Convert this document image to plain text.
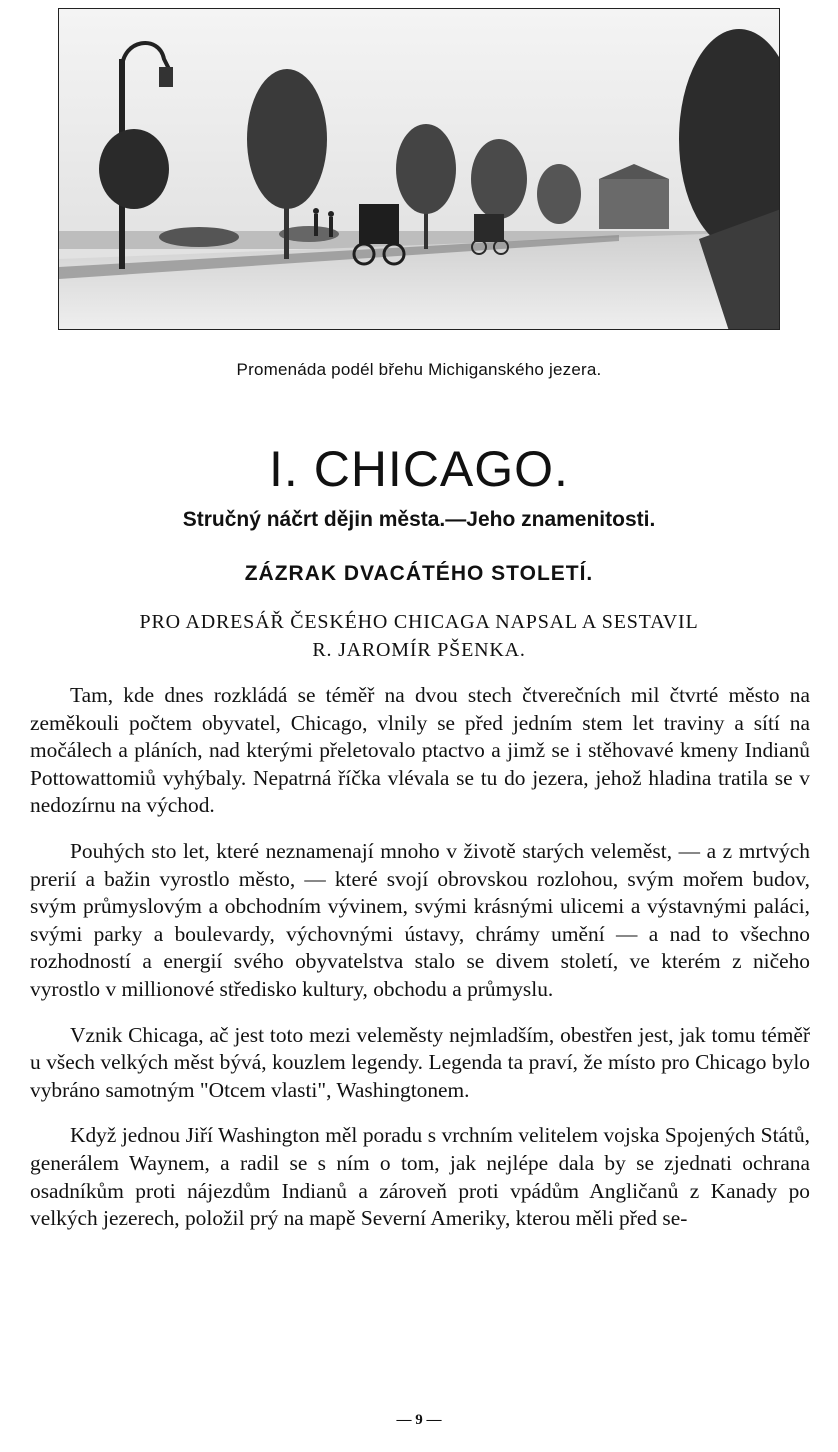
Promenáda podél břehu Michiganského jezera.
I. CHICAGO.
Stručný náčrt dějin města.—Jeho znamenitosti.
ZÁZRAK DVACÁTÉHO STOLETÍ.
PRO ADRESÁŘ ČESKÉHO CHICAGA NAPSAL A SESTAVIL
R. JAROMÍR PŠENKA.

Tam, kde dnes rozkládá se téměř na dvou stech čtverečních mil čtvrté město na zeměkouli počtem obyvatel, Chicago, vlnily se před jedním stem let traviny a sítí na močálech a pláních, nad kterými přeletovalo ptactvo a jimž se i stěhovavé kmeny Indianů Pottowattomiů vyhýbaly. Nepatrná říčka vlévala se tu do jezera, jehož hladina tratila se v nedozírnu na východ.

Pouhých sto let, které neznamenají mnoho v životě starých veleměst, — a z mrtvých prerií a bažin vyrostlo město, — které svojí obrovskou rozlohou, svým mořem budov, svým průmyslovým a obchodním vývinem, svými krásnými ulicemi a výstavnými paláci, svými parky a boulevardy, výchovnými ústavy, chrámy umění — a nad to všechno rozhodností a energií svého obyvatelstva stalo se divem století, ve kterém z ničeho vyrostlo v millionové středisko kultury, obchodu a průmyslu.

Vznik Chicaga, ač jest toto mezi veleměsty nejmladším, obestřen jest, jak tomu téměř u všech velkých měst bývá, kouzlem legendy. Legenda ta praví, že místo pro Chicago bylo vybráno samotným "Otcem vlasti", Washingtonem.

Když jednou Jiří Washington měl poradu s vrchním velitelem vojska Spojených Států, generálem Waynem, a radil se s ním o tom, jak nejlépe dala by se zjednati ochrana osadníkům proti nájezdům Indianů a zároveň proti vpádům Angličanů z Kanady po velkých jezerech, položil prý na mapě Severní Ameriky, kterou měli před se-

— 9 —
